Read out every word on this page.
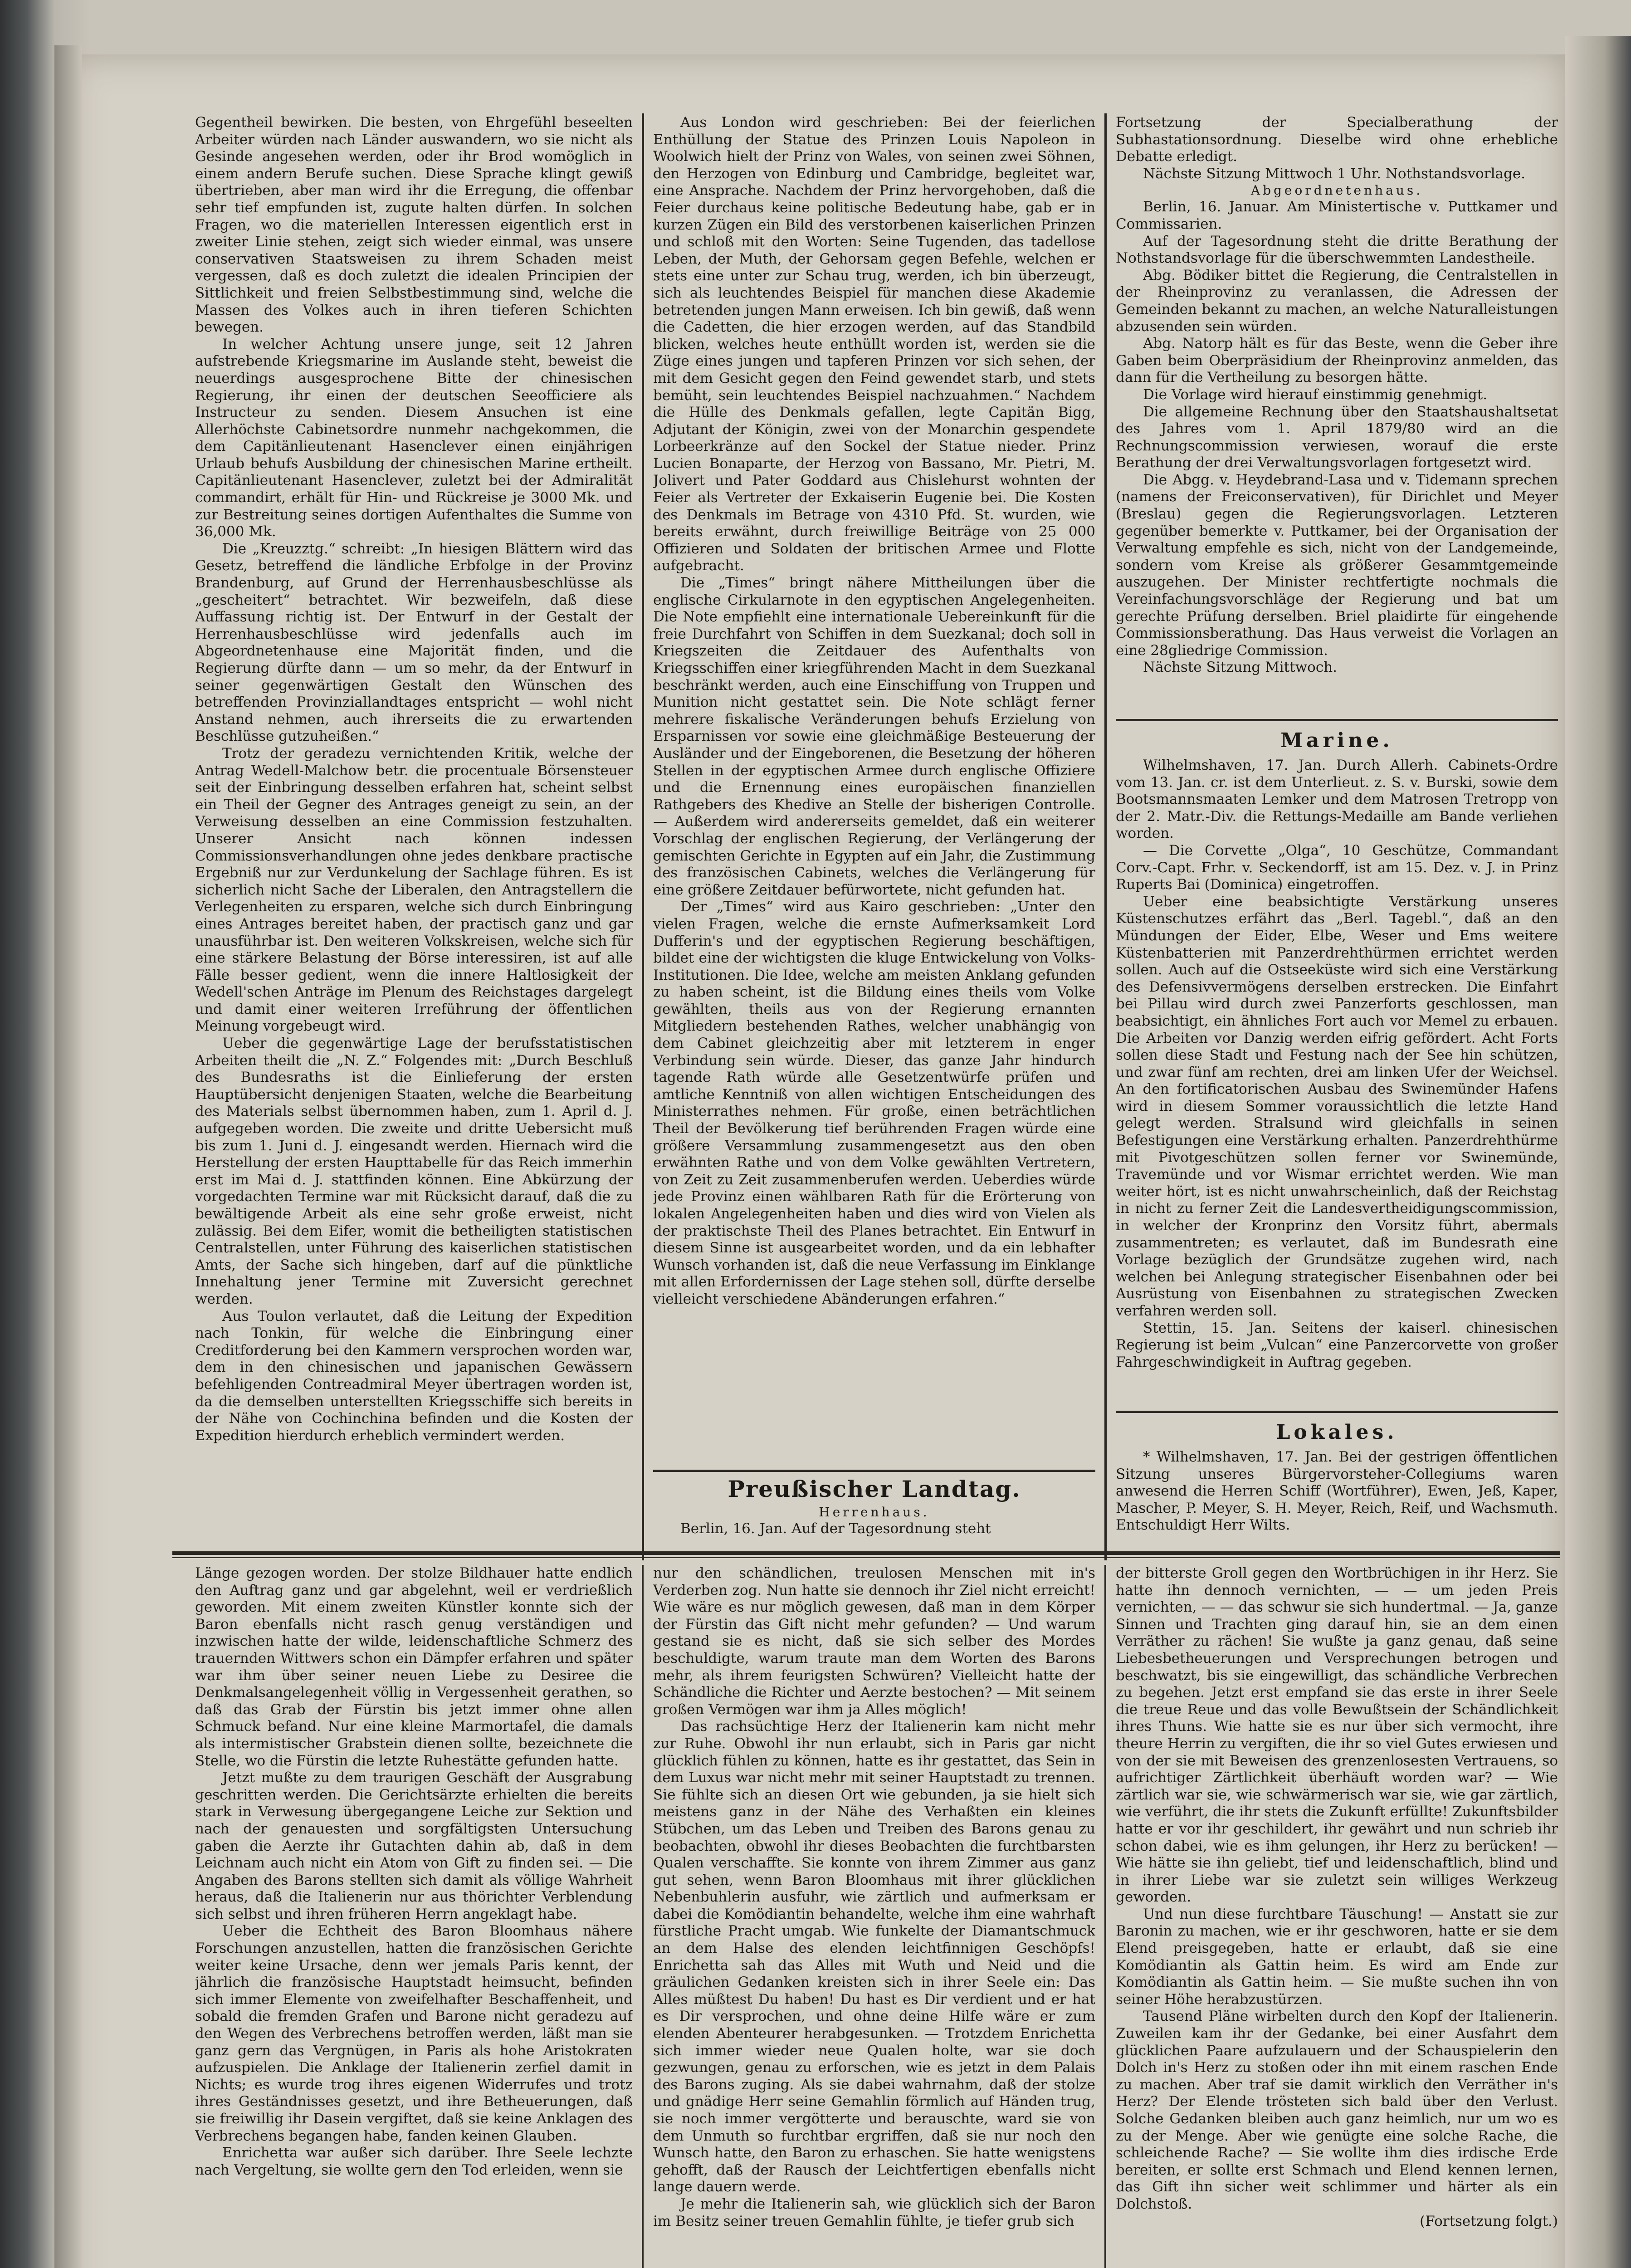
Gegentheil bewirken. Die besten, von Ehrgefühl beseelten Arbeiter würden nach Länder auswandern, wo sie nicht als Gesinde angesehen werden, oder ihr Brod womöglich in einem andern Berufe suchen. Diese Sprache klingt gewiß übertrieben, aber man wird ihr die Erregung, die offenbar sehr tief empfunden ist, zugute halten dürfen. In solchen Fragen, wo die materiellen Interessen eigentlich erst in zweiter Linie stehen, zeigt sich wieder einmal, was unsere conservativen Staatsweisen zu ihrem Schaden meist vergessen, daß es doch zuletzt die idealen Principien der Sittlichkeit und freien Selbstbestimmung sind, welche die Massen des Volkes auch in ihren tieferen Schichten bewegen.

In welcher Achtung unsere junge, seit 12 Jahren aufstrebende Kriegsmarine im Auslande steht, beweist die neuerdings ausgesprochene Bitte der chinesischen Regierung, ihr einen der deutschen Seeofficiere als Instructeur zu senden. Diesem Ansuchen ist eine Allerhöchste Cabinetsordre nunmehr nachgekommen, die dem Capitänlieutenant Hasenclever einen einjährigen Urlaub behufs Ausbildung der chinesischen Marine ertheilt. Capitänlieutenant Hasenclever, zuletzt bei der Admiralität commandirt, erhält für Hin- und Rückreise je 3000 Mk. und zur Bestreitung seines dortigen Aufenthaltes die Summe von 36,000 Mk.

Die „Kreuzztg.“ schreibt: „In hiesigen Blättern wird das Gesetz, betreffend die ländliche Erbfolge in der Provinz Brandenburg, auf Grund der Herrenhausbeschlüsse als „gescheitert“ betrachtet. Wir bezweifeln, daß diese Auffassung richtig ist. Der Entwurf in der Gestalt der Herrenhausbeschlüsse wird jedenfalls auch im Abgeordnetenhause eine Majorität finden, und die Regierung dürfte dann — um so mehr, da der Entwurf in seiner gegenwärtigen Gestalt den Wünschen des betreffenden Provinziallandtages entspricht — wohl nicht Anstand nehmen, auch ihrerseits die zu erwartenden Beschlüsse gutzuheißen.“

Trotz der geradezu vernichtenden Kritik, welche der Antrag Wedell-Malchow betr. die procentuale Börsensteuer seit der Einbringung desselben erfahren hat, scheint selbst ein Theil der Gegner des Antrages geneigt zu sein, an der Verweisung desselben an eine Commission festzuhalten. Unserer Ansicht nach können indessen Commissionsverhandlungen ohne jedes denkbare practische Ergebniß nur zur Verdunkelung der Sachlage führen. Es ist sicherlich nicht Sache der Liberalen, den Antragstellern die Verlegenheiten zu ersparen, welche sich durch Einbringung eines Antrages bereitet haben, der practisch ganz und gar unausführbar ist. Den weiteren Volkskreisen, welche sich für eine stärkere Belastung der Börse interessiren, ist auf alle Fälle besser gedient, wenn die innere Haltlosigkeit der Wedell'schen Anträge im Plenum des Reichstages dargelegt und damit einer weiteren Irreführung der öffentlichen Meinung vorgebeugt wird.

Ueber die gegenwärtige Lage der berufsstatistischen Arbeiten theilt die „N. Z.“ Folgendes mit: „Durch Beschluß des Bundesraths ist die Einlieferung der ersten Hauptübersicht denjenigen Staaten, welche die Bearbeitung des Materials selbst übernommen haben, zum 1. April d. J. aufgegeben worden. Die zweite und dritte Uebersicht muß bis zum 1. Juni d. J. eingesandt werden. Hiernach wird die Herstellung der ersten Haupttabelle für das Reich immerhin erst im Mai d. J. stattfinden können. Eine Abkürzung der vorgedachten Termine war mit Rücksicht darauf, daß die zu bewältigende Arbeit als eine sehr große erweist, nicht zulässig. Bei dem Eifer, womit die betheiligten statistischen Centralstellen, unter Führung des kaiserlichen statistischen Amts, der Sache sich hingeben, darf auf die pünktliche Innehaltung jener Termine mit Zuversicht gerechnet werden.

Aus Toulon verlautet, daß die Leitung der Expedition nach Tonkin, für welche die Einbringung einer Creditforderung bei den Kammern versprochen worden war, dem in den chinesischen und japanischen Gewässern befehligenden Contreadmiral Meyer übertragen worden ist, da die demselben unterstellten Kriegsschiffe sich bereits in der Nähe von Cochinchina befinden und die Kosten der Expedition hierdurch erheblich vermindert werden.

Aus London wird geschrieben: Bei der feierlichen Enthüllung der Statue des Prinzen Louis Napoleon in Woolwich hielt der Prinz von Wales, von seinen zwei Söhnen, den Herzogen von Edinburg und Cambridge, begleitet war, eine Ansprache. Nachdem der Prinz hervorgehoben, daß die Feier durchaus keine politische Bedeutung habe, gab er in kurzen Zügen ein Bild des verstorbenen kaiserlichen Prinzen und schloß mit den Worten: Seine Tugenden, das tadellose Leben, der Muth, der Gehorsam gegen Befehle, welchen er stets eine unter zur Schau trug, werden, ich bin überzeugt, sich als leuchtendes Beispiel für manchen diese Akademie betretenden jungen Mann erweisen. Ich bin gewiß, daß wenn die Cadetten, die hier erzogen werden, auf das Standbild blicken, welches heute enthüllt worden ist, werden sie die Züge eines jungen und tapferen Prinzen vor sich sehen, der mit dem Gesicht gegen den Feind gewendet starb, und stets bemüht, sein leuchtendes Beispiel nachzuahmen.“ Nachdem die Hülle des Denkmals gefallen, legte Capitän Bigg, Adjutant der Königin, zwei von der Monarchin gespendete Lorbeerkränze auf den Sockel der Statue nieder. Prinz Lucien Bonaparte, der Herzog von Bassano, Mr. Pietri, M. Jolivert und Pater Goddard aus Chislehurst wohnten der Feier als Vertreter der Exkaiserin Eugenie bei. Die Kosten des Denkmals im Betrage von 4310 Pfd. St. wurden, wie bereits erwähnt, durch freiwillige Beiträge von 25 000 Offizieren und Soldaten der britischen Armee und Flotte aufgebracht.

Die „Times“ bringt nähere Mittheilungen über die englische Cirkularnote in den egyptischen Angelegenheiten. Die Note empfiehlt eine internationale Uebereinkunft für die freie Durchfahrt von Schiffen in dem Suezkanal; doch soll in Kriegszeiten die Zeitdauer des Aufenthalts von Kriegsschiffen einer kriegführenden Macht in dem Suezkanal beschränkt werden, auch eine Einschiffung von Truppen und Munition nicht gestattet sein. Die Note schlägt ferner mehrere fiskalische Veränderungen behufs Erzielung von Ersparnissen vor sowie eine gleichmäßige Besteuerung der Ausländer und der Eingeborenen, die Besetzung der höheren Stellen in der egyptischen Armee durch englische Offiziere und die Ernennung eines europäischen finanziellen Rathgebers des Khedive an Stelle der bisherigen Controlle. — Außerdem wird andererseits gemeldet, daß ein weiterer Vorschlag der englischen Regierung, der Verlängerung der gemischten Gerichte in Egypten auf ein Jahr, die Zustimmung des französischen Cabinets, welches die Verlängerung für eine größere Zeitdauer befürwortete, nicht gefunden hat.

Der „Times“ wird aus Kairo geschrieben: „Unter den vielen Fragen, welche die ernste Aufmerksamkeit Lord Dufferin's und der egyptischen Regierung beschäftigen, bildet eine der wichtigsten die kluge Entwickelung von Volks-Institutionen. Die Idee, welche am meisten Anklang gefunden zu haben scheint, ist die Bildung eines theils vom Volke gewählten, theils aus von der Regierung ernannten Mitgliedern bestehenden Rathes, welcher unabhängig von dem Cabinet gleichzeitig aber mit letzterem in enger Verbindung sein würde. Dieser, das ganze Jahr hindurch tagende Rath würde alle Gesetzentwürfe prüfen und amtliche Kenntniß von allen wichtigen Entscheidungen des Ministerrathes nehmen. Für große, einen beträchtlichen Theil der Bevölkerung tief berührenden Fragen würde eine größere Versammlung zusammengesetzt aus den oben erwähnten Rathe und von dem Volke gewählten Vertretern, von Zeit zu Zeit zusammenberufen werden. Ueberdies würde jede Provinz einen wählbaren Rath für die Erörterung von lokalen Angelegenheiten haben und dies wird von Vielen als der praktischste Theil des Planes betrachtet. Ein Entwurf in diesem Sinne ist ausgearbeitet worden, und da ein lebhafter Wunsch vorhanden ist, daß die neue Verfassung im Einklange mit allen Erfordernissen der Lage stehen soll, dürfte derselbe vielleicht verschiedene Abänderungen erfahren.“

Preußischer Landtag.
Herrenhaus.

Berlin, 16. Jan. Auf der Tagesordnung steht

Fortsetzung der Specialberathung der Subhastationsordnung. Dieselbe wird ohne erhebliche Debatte erledigt.

Nächste Sitzung Mittwoch 1 Uhr. Nothstandsvorlage.

Abgeordnetenhaus.

Berlin, 16. Januar. Am Ministertische v. Puttkamer und Commissarien.

Auf der Tagesordnung steht die dritte Berathung der Nothstandsvorlage für die überschwemmten Landestheile.

Abg. Bödiker bittet die Regierung, die Centralstellen in der Rheinprovinz zu veranlassen, die Adressen der Gemeinden bekannt zu machen, an welche Naturalleistungen abzusenden sein würden.

Abg. Natorp hält es für das Beste, wenn die Geber ihre Gaben beim Oberpräsidium der Rheinprovinz anmelden, das dann für die Vertheilung zu besorgen hätte.

Die Vorlage wird hierauf einstimmig genehmigt.

Die allgemeine Rechnung über den Staatshaushaltsetat des Jahres vom 1. April 1879/80 wird an die Rechnungscommission verwiesen, worauf die erste Berathung der drei Verwaltungsvorlagen fortgesetzt wird.

Die Abgg. v. Heydebrand-Lasa und v. Tidemann sprechen (namens der Freiconservativen), für Dirichlet und Meyer (Breslau) gegen die Regierungsvorlagen. Letzteren gegenüber bemerkte v. Puttkamer, bei der Organisation der Verwaltung empfehle es sich, nicht von der Landgemeinde, sondern vom Kreise als größerer Gesammtgemeinde auszugehen. Der Minister rechtfertigte nochmals die Vereinfachungsvorschläge der Regierung und bat um gerechte Prüfung derselben. Briel plaidirte für eingehende Commissionsberathung. Das Haus verweist die Vorlagen an eine 28gliedrige Commission.

Nächste Sitzung Mittwoch.

Marine.

Wilhelmshaven, 17. Jan. Durch Allerh. Cabinets-Ordre vom 13. Jan. cr. ist dem Unterlieut. z. S. v. Burski, sowie dem Bootsmannsmaaten Lemker und dem Matrosen Tretropp von der 2. Matr.-Div. die Rettungs-Medaille am Bande verliehen worden.

— Die Corvette „Olga“, 10 Geschütze, Commandant Corv.-Capt. Frhr. v. Seckendorff, ist am 15. Dez. v. J. in Prinz Ruperts Bai (Dominica) eingetroffen.

Ueber eine beabsichtigte Verstärkung unseres Küstenschutzes erfährt das „Berl. Tagebl.“, daß an den Mündungen der Eider, Elbe, Weser und Ems weitere Küstenbatterien mit Panzerdrehthürmen errichtet werden sollen. Auch auf die Ostseeküste wird sich eine Verstärkung des Defensivvermögens derselben erstrecken. Die Einfahrt bei Pillau wird durch zwei Panzerforts geschlossen, man beabsichtigt, ein ähnliches Fort auch vor Memel zu erbauen. Die Arbeiten vor Danzig werden eifrig gefördert. Acht Forts sollen diese Stadt und Festung nach der See hin schützen, und zwar fünf am rechten, drei am linken Ufer der Weichsel. An den fortificatorischen Ausbau des Swinemünder Hafens wird in diesem Sommer voraussichtlich die letzte Hand gelegt werden. Stralsund wird gleichfalls in seinen Befestigungen eine Verstärkung erhalten. Panzerdrehthürme mit Pivotgeschützen sollen ferner vor Swinemünde, Travemünde und vor Wismar errichtet werden. Wie man weiter hört, ist es nicht unwahrscheinlich, daß der Reichstag in nicht zu ferner Zeit die Landesvertheidigungscommission, in welcher der Kronprinz den Vorsitz führt, abermals zusammentreten; es verlautet, daß im Bundesrath eine Vorlage bezüglich der Grundsätze zugehen wird, nach welchen bei Anlegung strategischer Eisenbahnen oder bei Ausrüstung von Eisenbahnen zu strategischen Zwecken verfahren werden soll.

Stettin, 15. Jan. Seitens der kaiserl. chinesischen Regierung ist beim „Vulcan“ eine Panzercorvette von großer Fahrgeschwindigkeit in Auftrag gegeben.

Lokales.

* Wilhelmshaven, 17. Jan. Bei der gestrigen öffentlichen Sitzung unseres Bürgervorsteher-Collegiums waren anwesend die Herren Schiff (Wortführer), Ewen, Jeß, Kaper, Mascher, P. Meyer, S. H. Meyer, Reich, Reif, und Wachsmuth. Entschuldigt Herr Wilts.

Länge gezogen worden. Der stolze Bildhauer hatte endlich den Auftrag ganz und gar abgelehnt, weil er verdrießlich geworden. Mit einem zweiten Künstler konnte sich der Baron ebenfalls nicht rasch genug verständigen und inzwischen hatte der wilde, leidenschaftliche Schmerz des trauernden Wittwers schon ein Dämpfer erfahren und später war ihm über seiner neuen Liebe zu Desiree die Denkmalsangelegenheit völlig in Vergessenheit gerathen, so daß das Grab der Fürstin bis jetzt immer ohne allen Schmuck befand. Nur eine kleine Marmortafel, die damals als intermistischer Grabstein dienen sollte, bezeichnete die Stelle, wo die Fürstin die letzte Ruhestätte gefunden hatte.

Jetzt mußte zu dem traurigen Geschäft der Ausgrabung geschritten werden. Die Gerichtsärzte erhielten die bereits stark in Verwesung übergegangene Leiche zur Sektion und nach der genauesten und sorgfältigsten Untersuchung gaben die Aerzte ihr Gutachten dahin ab, daß in dem Leichnam auch nicht ein Atom von Gift zu finden sei. — Die Angaben des Barons stellten sich damit als völlige Wahrheit heraus, daß die Italienerin nur aus thörichter Verblendung sich selbst und ihren früheren Herrn angeklagt habe.

Ueber die Echtheit des Baron Bloomhaus nähere Forschungen anzustellen, hatten die französischen Gerichte weiter keine Ursache, denn wer jemals Paris kennt, der jährlich die französische Hauptstadt heimsucht, befinden sich immer Elemente von zweifelhafter Beschaffenheit, und sobald die fremden Grafen und Barone nicht geradezu auf den Wegen des Verbrechens betroffen werden, läßt man sie ganz gern das Vergnügen, in Paris als hohe Aristokraten aufzuspielen. Die Anklage der Italienerin zerfiel damit in Nichts; es wurde trog ihres eigenen Widerrufes und trotz ihres Geständnisses gesetzt, und ihre Betheuerungen, daß sie freiwillig ihr Dasein vergiftet, daß sie keine Anklagen des Verbrechens begangen habe, fanden keinen Glauben.

Enrichetta war außer sich darüber. Ihre Seele lechzte nach Vergeltung, sie wollte gern den Tod erleiden, wenn sie

nur den schändlichen, treulosen Menschen mit in's Verderben zog. Nun hatte sie dennoch ihr Ziel nicht erreicht! Wie wäre es nur möglich gewesen, daß man in dem Körper der Fürstin das Gift nicht mehr gefunden? — Und warum gestand sie es nicht, daß sie sich selber des Mordes beschuldigte, warum traute man dem Worten des Barons mehr, als ihrem feurigsten Schwüren? Vielleicht hatte der Schändliche die Richter und Aerzte bestochen? — Mit seinem großen Vermögen war ihm ja Alles möglich!

Das rachsüchtige Herz der Italienerin kam nicht mehr zur Ruhe. Obwohl ihr nun erlaubt, sich in Paris gar nicht glücklich fühlen zu können, hatte es ihr gestattet, das Sein in dem Luxus war nicht mehr mit seiner Hauptstadt zu trennen. Sie fühlte sich an diesen Ort wie gebunden, ja sie hielt sich meistens ganz in der Nähe des Verhaßten ein kleines Stübchen, um das Leben und Treiben des Barons genau zu beobachten, obwohl ihr dieses Beobachten die furchtbarsten Qualen verschaffte. Sie konnte von ihrem Zimmer aus ganz gut sehen, wenn Baron Bloomhaus mit ihrer glücklichen Nebenbuhlerin ausfuhr, wie zärtlich und aufmerksam er dabei die Komödiantin behandelte, welche ihm eine wahrhaft fürstliche Pracht umgab. Wie funkelte der Diamantschmuck an dem Halse des elenden leichtfinnigen Geschöpfs! Enrichetta sah das Alles mit Wuth und Neid und die gräulichen Gedanken kreisten sich in ihrer Seele ein: Das Alles müßtest Du haben! Du hast es Dir verdient und er hat es Dir versprochen, und ohne deine Hilfe wäre er zum elenden Abenteurer herabgesunken. — Trotzdem Enrichetta sich immer wieder neue Qualen holte, war sie doch gezwungen, genau zu erforschen, wie es jetzt in dem Palais des Barons zuging. Als sie dabei wahrnahm, daß der stolze und gnädige Herr seine Gemahlin förmlich auf Händen trug, sie noch immer vergötterte und berauschte, ward sie von dem Unmuth so furchtbar ergriffen, daß sie nur noch den Wunsch hatte, den Baron zu erhaschen. Sie hatte wenigstens gehofft, daß der Rausch der Leichtfertigen ebenfalls nicht lange dauern werde.

Je mehr die Italienerin sah, wie glücklich sich der Baron im Besitz seiner treuen Gemahlin fühlte, je tiefer grub sich

der bitterste Groll gegen den Wortbrüchigen in ihr Herz. Sie hatte ihn dennoch vernichten, — — um jeden Preis vernichten, — — das schwur sie sich hundertmal. — Ja, ganze Sinnen und Trachten ging darauf hin, sie an dem einen Verräther zu rächen! Sie wußte ja ganz genau, daß seine Liebesbetheuerungen und Versprechungen betrogen und beschwatzt, bis sie eingewilligt, das schändliche Verbrechen zu begehen. Jetzt erst empfand sie das erste in ihrer Seele die treue Reue und das volle Bewußtsein der Schändlichkeit ihres Thuns. Wie hatte sie es nur über sich vermocht, ihre theure Herrin zu vergiften, die ihr so viel Gutes erwiesen und von der sie mit Beweisen des grenzenlosesten Vertrauens, so aufrichtiger Zärtlichkeit überhäuft worden war? — Wie zärtlich war sie, wie schwärmerisch war sie, wie gar zärtlich, wie verführt, die ihr stets die Zukunft erfüllte! Zukunftsbilder hatte er vor ihr geschildert, ihr gewährt und nun schrieb ihr schon dabei, wie es ihm gelungen, ihr Herz zu berücken! — Wie hätte sie ihn geliebt, tief und leidenschaftlich, blind und in ihrer Liebe war sie zuletzt sein williges Werkzeug geworden.

Und nun diese furchtbare Täuschung! — Anstatt sie zur Baronin zu machen, wie er ihr geschworen, hatte er sie dem Elend preisgegeben, hatte er erlaubt, daß sie eine Komödiantin als Gattin heim. Es wird am Ende zur Komödiantin als Gattin heim. — Sie mußte suchen ihn von seiner Höhe herabzustürzen.

Tausend Pläne wirbelten durch den Kopf der Italienerin. Zuweilen kam ihr der Gedanke, bei einer Ausfahrt dem glücklichen Paare aufzulauern und der Schauspielerin den Dolch in's Herz zu stoßen oder ihn mit einem raschen Ende zu machen. Aber traf sie damit wirklich den Verräther in's Herz? Der Elende trösteten sich bald über den Verlust. Solche Gedanken bleiben auch ganz heimlich, nur um wo es zu der Menge. Aber wie genügte eine solche Rache, die schleichende Rache? — Sie wollte ihm dies irdische Erde bereiten, er sollte erst Schmach und Elend kennen lernen, das Gift ihn sicher weit schlimmer und härter als ein Dolchstoß.

(Fortsetzung folgt.)
